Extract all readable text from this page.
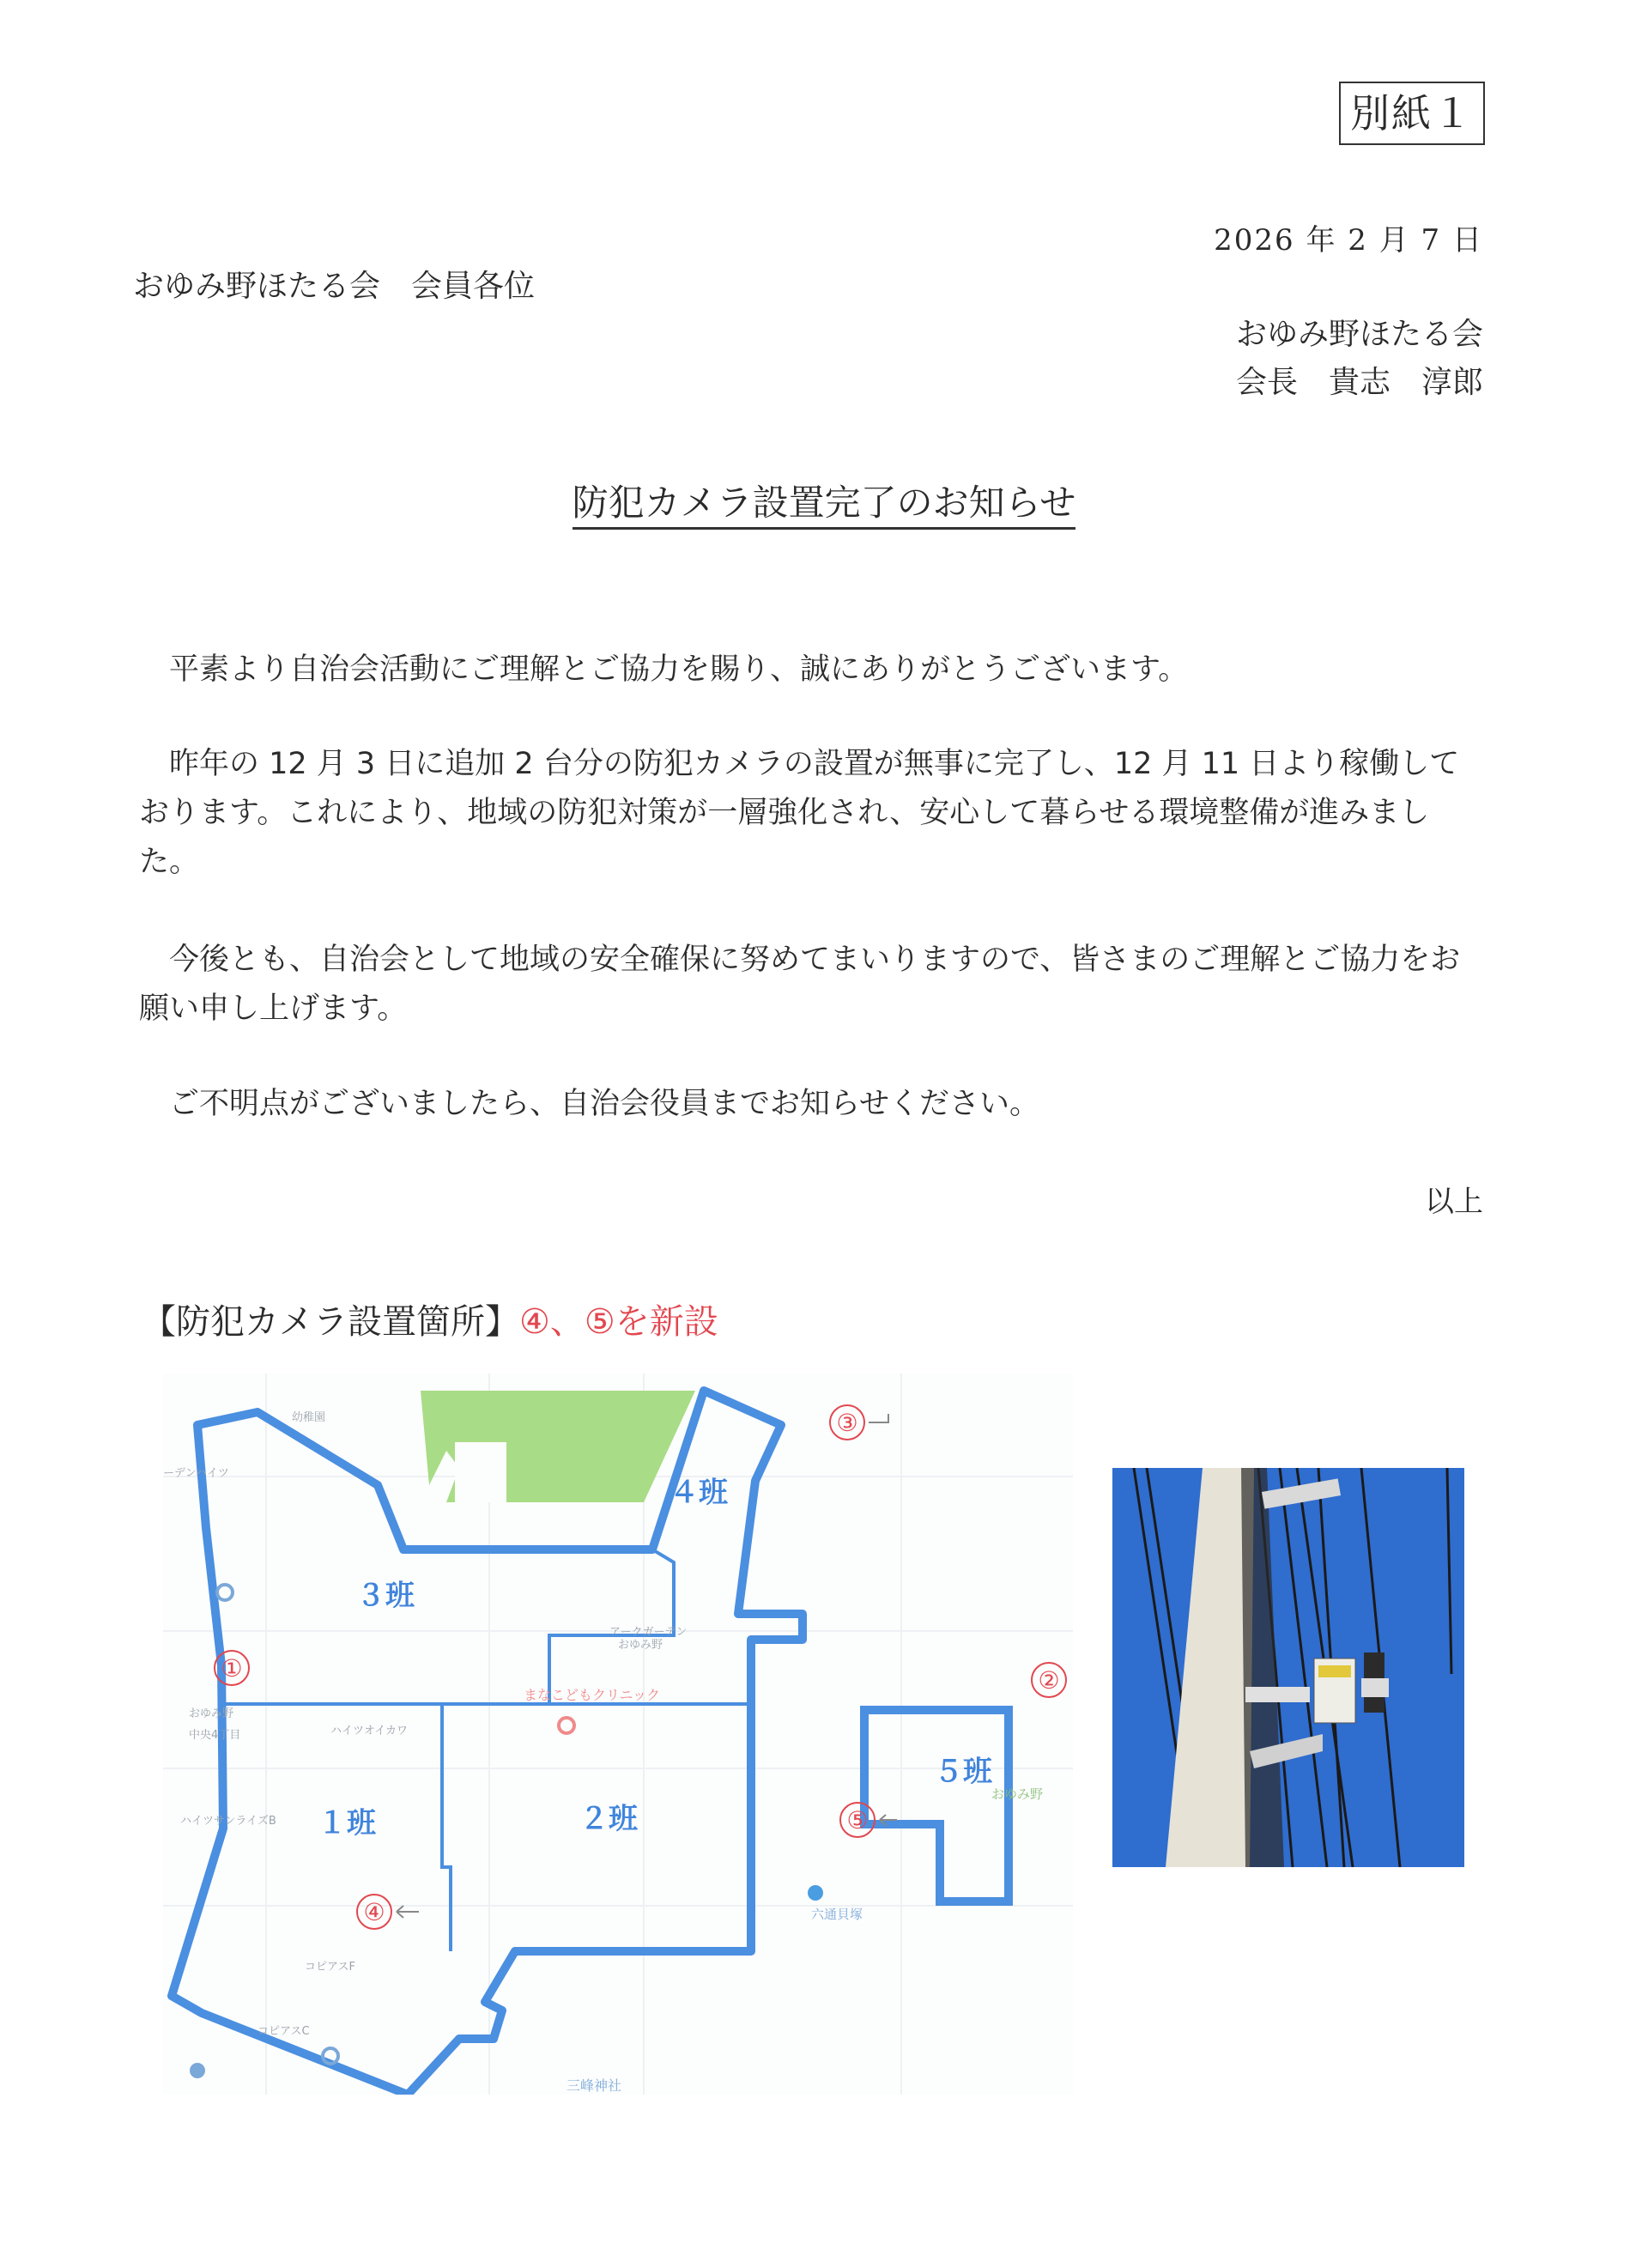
別紙１
2026 年 2 月 7 日
おゆみ野ほたる会　会員各位
おゆみ野ほたる会
会長　貴志　淳郎
防犯カメラ設置完了のお知らせ
平素より自治会活動にご理解とご協力を賜り、誠にありがとうございます。
昨年の 12 月 3 日に追加 2 台分の防犯カメラの設置が無事に完了し、12 月 11 日より稼働しております。これにより、地域の防犯対策が一層強化され、安心して暮らせる環境整備が進みました。
今後とも、自治会として地域の安全確保に努めてまいりますので、皆さまのご理解とご協力をお願い申し上げます。
ご不明点がございましたら、自治会役員までお知らせください。
以上
【防犯カメラ設置箇所】④、⑤を新設
３班
４班
１班	２班
５班
①	②
③
④
⑤
幼稚園
アークガーデン
おゆみ野
ハイツオイカワ
ハイツサンライズB
コピアスF
コピアスC
ーデンハイツ
おゆみ野
中央4丁目
まなこどもクリニック
三峰神社
六通貝塚
おゆみ野
